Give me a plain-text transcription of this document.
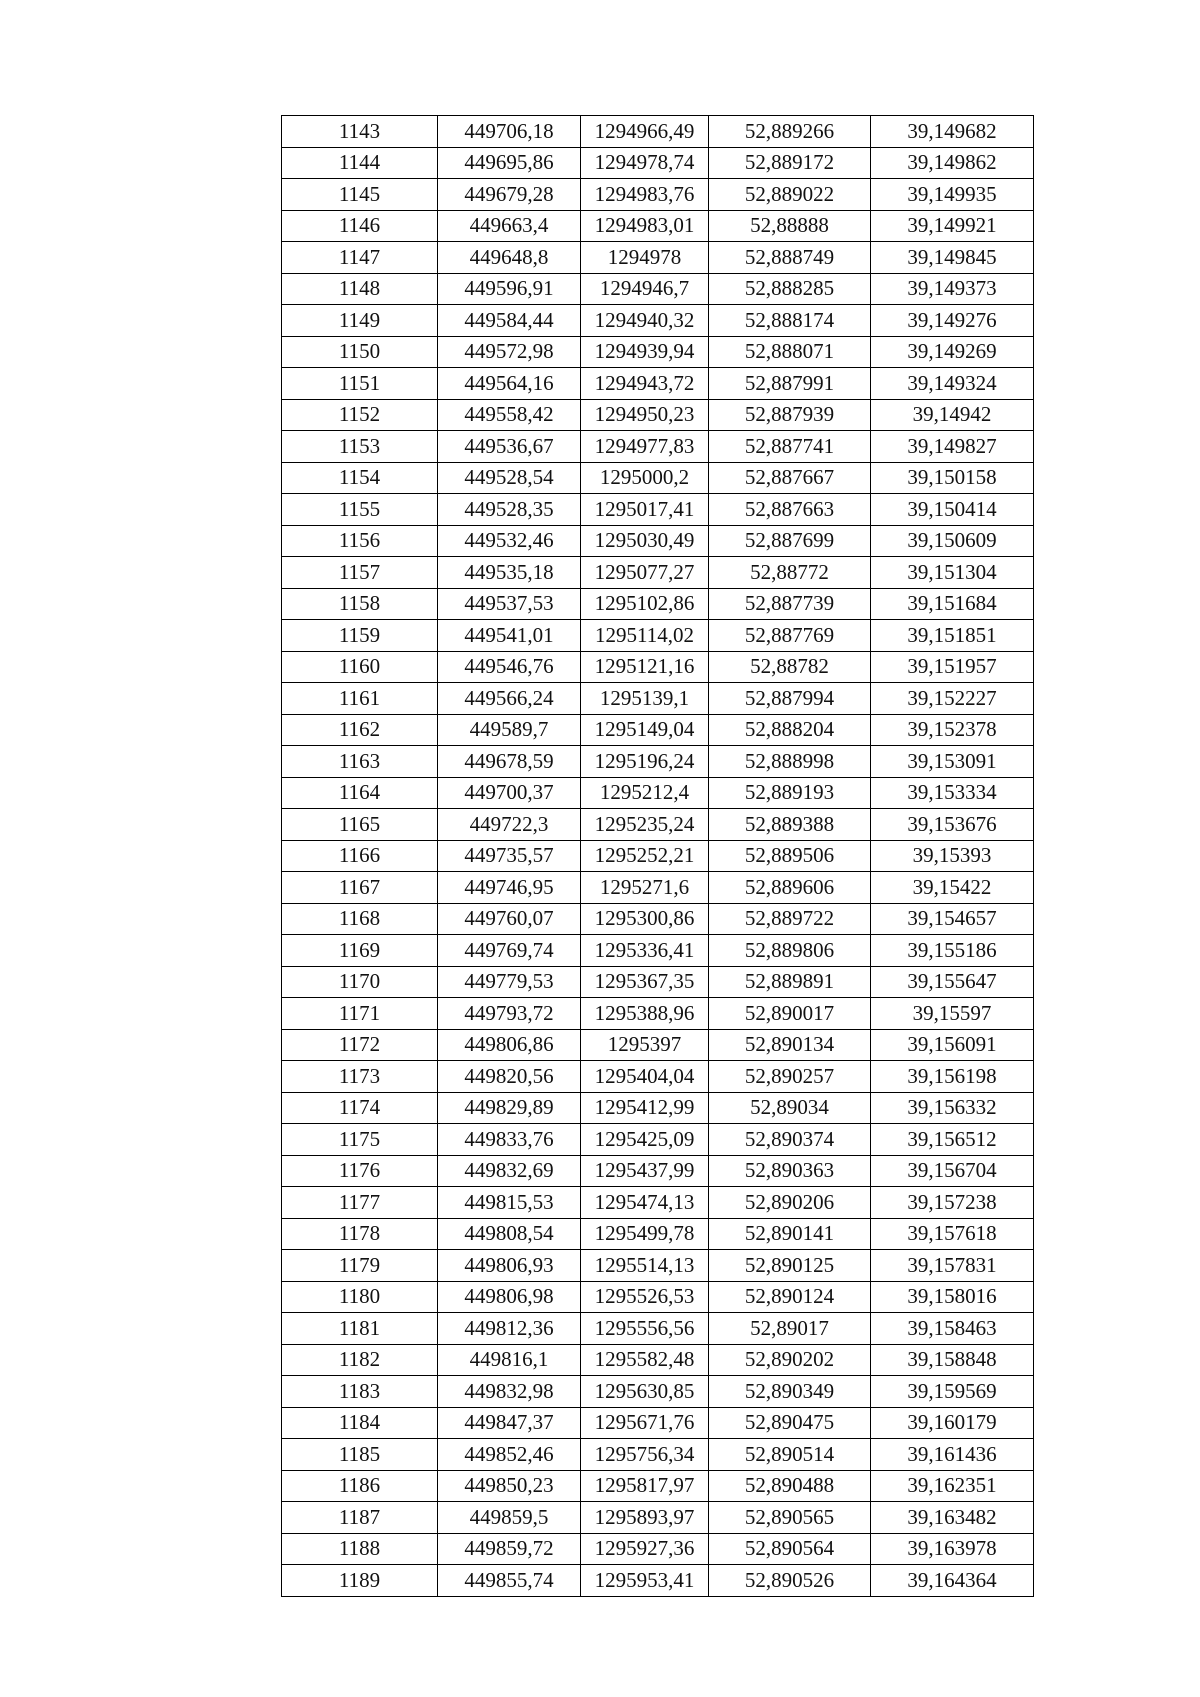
1143	449706,18	1294966,49	52,889266	39,149682
1144	449695,86	1294978,74	52,889172	39,149862
1145	449679,28	1294983,76	52,889022	39,149935
1146	449663,4	1294983,01	52,88888	39,149921
1147	449648,8	1294978	52,888749	39,149845
1148	449596,91	1294946,7	52,888285	39,149373
1149	449584,44	1294940,32	52,888174	39,149276
1150	449572,98	1294939,94	52,888071	39,149269
1151	449564,16	1294943,72	52,887991	39,149324
1152	449558,42	1294950,23	52,887939	39,14942
1153	449536,67	1294977,83	52,887741	39,149827
1154	449528,54	1295000,2	52,887667	39,150158
1155	449528,35	1295017,41	52,887663	39,150414
1156	449532,46	1295030,49	52,887699	39,150609
1157	449535,18	1295077,27	52,88772	39,151304
1158	449537,53	1295102,86	52,887739	39,151684
1159	449541,01	1295114,02	52,887769	39,151851
1160	449546,76	1295121,16	52,88782	39,151957
1161	449566,24	1295139,1	52,887994	39,152227
1162	449589,7	1295149,04	52,888204	39,152378
1163	449678,59	1295196,24	52,888998	39,153091
1164	449700,37	1295212,4	52,889193	39,153334
1165	449722,3	1295235,24	52,889388	39,153676
1166	449735,57	1295252,21	52,889506	39,15393
1167	449746,95	1295271,6	52,889606	39,15422
1168	449760,07	1295300,86	52,889722	39,154657
1169	449769,74	1295336,41	52,889806	39,155186
1170	449779,53	1295367,35	52,889891	39,155647
1171	449793,72	1295388,96	52,890017	39,15597
1172	449806,86	1295397	52,890134	39,156091
1173	449820,56	1295404,04	52,890257	39,156198
1174	449829,89	1295412,99	52,89034	39,156332
1175	449833,76	1295425,09	52,890374	39,156512
1176	449832,69	1295437,99	52,890363	39,156704
1177	449815,53	1295474,13	52,890206	39,157238
1178	449808,54	1295499,78	52,890141	39,157618
1179	449806,93	1295514,13	52,890125	39,157831
1180	449806,98	1295526,53	52,890124	39,158016
1181	449812,36	1295556,56	52,89017	39,158463
1182	449816,1	1295582,48	52,890202	39,158848
1183	449832,98	1295630,85	52,890349	39,159569
1184	449847,37	1295671,76	52,890475	39,160179
1185	449852,46	1295756,34	52,890514	39,161436
1186	449850,23	1295817,97	52,890488	39,162351
1187	449859,5	1295893,97	52,890565	39,163482
1188	449859,72	1295927,36	52,890564	39,163978
1189	449855,74	1295953,41	52,890526	39,164364
